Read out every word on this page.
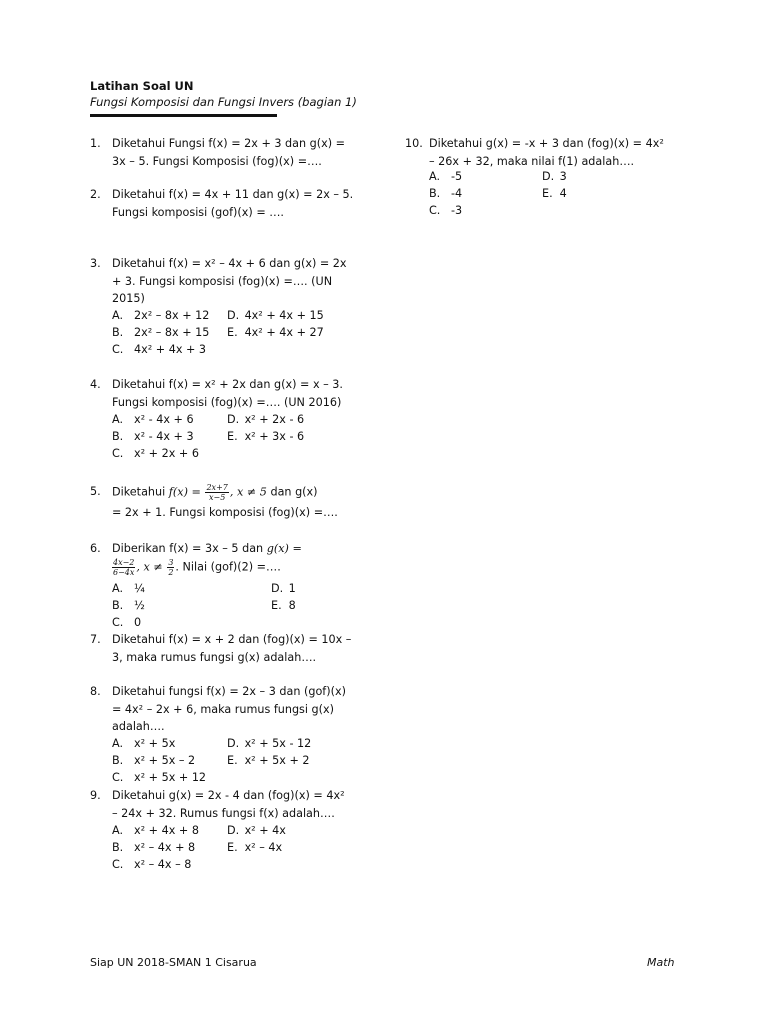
Latihan Soal UN
Fungsi Komposisi dan Fungsi Invers (bagian 1)
1. Diketahui Fungsi f(x) = 2x + 3 dan g(x) =
3x – 5. Fungsi Komposisi (fog)(x) =….
2. Diketahui f(x) = 4x + 11 dan g(x) = 2x – 5.
Fungsi komposisi (gof)(x) = ….
3. Diketahui f(x) = x² – 4x + 6 dan g(x) = 2x
+ 3. Fungsi komposisi (fog)(x) =…. (UN
2015)
A. 2x² – 8x + 12
B. 2x² – 8x + 15
C. 4x² + 4x + 3
D. 4x² + 4x + 15
E. 4x² + 4x + 27
4. Diketahui f(x) = x² + 2x dan g(x) = x – 3.
Fungsi komposisi (fog)(x) =…. (UN 2016)
A. x² - 4x + 6
B. x² - 4x + 3
C. x² + 2x + 6
D. x² + 2x - 6
E. x² + 3x - 6
5. Diketahui $f(x) = \frac{2x+7}{x-5}$ , x ≠ 5 dan g(x)
= 2x + 1. Fungsi komposisi (fog)(x) =….
6. Diberikan f(x) = 3x – 5 dan g(x) =
$\frac{4x-2}{6-4x}$ , $x \ne \frac{3}{2}$ . Nilai (gof)(2) =….
A. ¼
B. ½
C. 0
D. 1
E. 8
7. Diketahui f(x) = x + 2 dan (fog)(x) = 10x –
3, maka rumus fungsi g(x) adalah….
8. Diketahui fungsi f(x) = 2x – 3 dan (gof)(x)
= 4x² – 2x + 6, maka rumus fungsi g(x)
adalah….
A. x² + 5x
B. x² + 5x – 2
C. x² + 5x + 12
D. x² + 5x - 12
E. x² + 5x + 2
9. Diketahui g(x) = 2x - 4 dan (fog)(x) = 4x²
– 24x + 32. Rumus fungsi f(x) adalah….
A. x² + 4x + 8
B. x² – 4x + 8
C. x² – 4x – 8
D. x² + 4x
E. x² – 4x
10. Diketahui g(x) = -x + 3 dan (fog)(x) = 4x²
– 26x + 32, maka nilai f(1) adalah….
A. -5
B. -4
C. -3
D. 3
E. 4
Siap UN 2018-SMAN 1 Cisarua	Math
